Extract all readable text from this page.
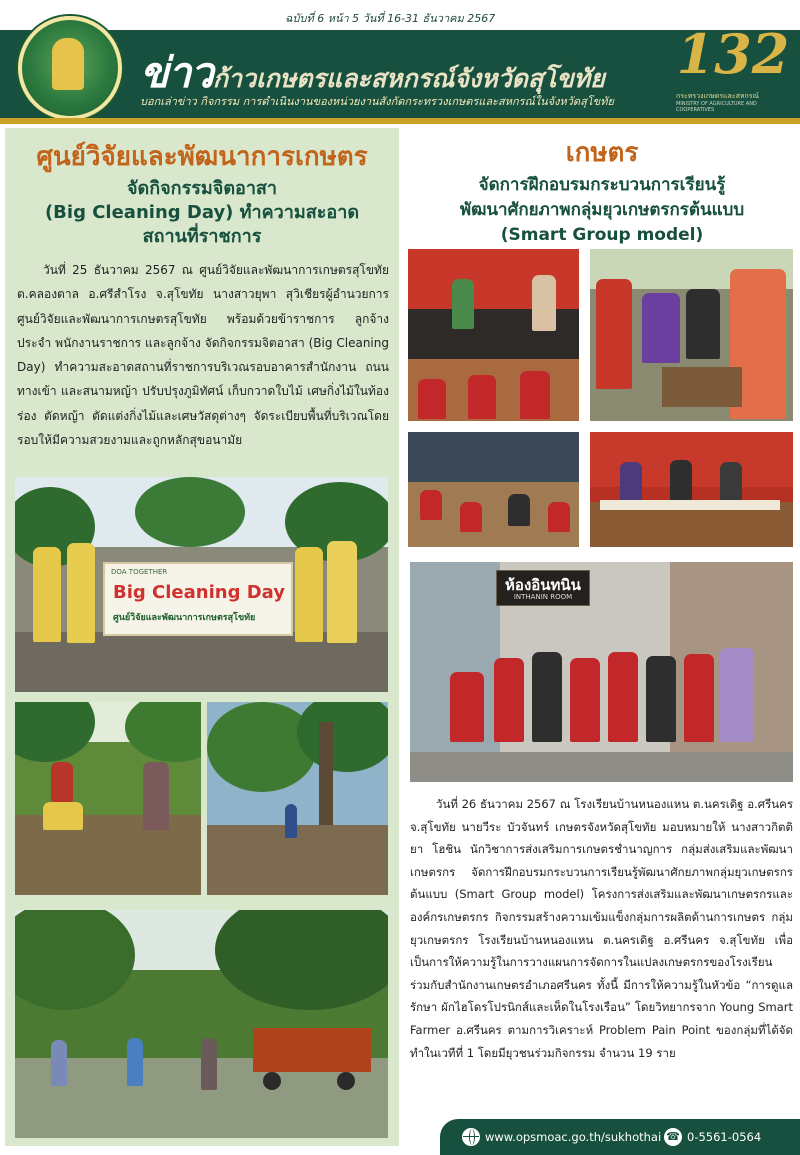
ฉบับที่ 6 หน้า 5 วันที่ 16-31 ธันวาคม 2567
ข่าวก้าวเกษตรและสหกรณ์จังหวัดสุโขทัย
บอกเล่าข่าว กิจกรรม การดำเนินงานของหน่วยงานสังกัดกระทรวงเกษตรและสหกรณ์ในจังหวัดสุโขทัย
132
กระทรวงเกษตรและสหกรณ์
MINISTRY OF AGRICULTURE AND COOPERATIVES
ศูนย์วิจัยและพัฒนาการเกษตร
จัดกิจกรรมจิตอาสา
(Big Cleaning Day) ทำความสะอาด
สถานที่ราชการ

วันที่ 25 ธันวาคม 2567 ณ ศูนย์วิจัยและพัฒนาการเกษตรสุโขทัย ต.คลองตาล อ.ศรีสำโรง จ.สุโขทัย นางสาวยุพา สุวิเชียรผู้อำนวยการศูนย์วิจัยและพัฒนาการเกษตรสุโขทัย พร้อมด้วยข้าราชการ ลูกจ้างประจำ พนักงานราชการ และลูกจ้าง จัดกิจกรรมจิตอาสา (Big Cleaning Day) ทำความสะอาดสถานที่ราชการบริเวณรอบอาคารสำนักงาน ถนนทางเข้า และสนามหญ้า ปรับปรุงภูมิทัศน์ เก็บกวาดใบไม้ เศษกิ่งไม้ในท้องร่อง ตัดหญ้า ตัดแต่งกิ่งไม้และเศษวัสดุต่างๆ จัดระเบียบพื้นที่บริเวณโดยรอบให้มีความสวยงามและถูกหลักสุขอนามัย

DOA TOGETHER
Big Cleaning Day
ศูนย์วิจัยและพัฒนาการเกษตรสุโขทัย
เกษตร
จัดการฝึกอบรมกระบวนการเรียนรู้
พัฒนาศักยภาพกลุ่มยุวเกษตรกรต้นแบบ
(Smart Group model)
ห้องอินทนิน
INTHANIN ROOM

วันที่ 26 ธันวาคม 2567 ณ โรงเรียนบ้านหนองแหน ต.นครเดิฐ อ.ศรีนคร จ.สุโขทัย นายวีระ บัวจันทร์ เกษตรจังหวัดสุโขทัย มอบหมายให้ นางสาวกิตติยา โฮชิน นักวิชาการส่งเสริมการเกษตรชำนาญการ กลุ่มส่งเสริมและพัฒนาเกษตรกร จัดการฝึกอบรมกระบวนการเรียนรู้พัฒนาศักยภาพกลุ่มยุวเกษตรกรต้นแบบ (Smart Group model) โครงการส่งเสริมและพัฒนาเกษตรกรและองค์กรเกษตรกร กิจกรรมสร้างความเข้มแข็งกลุ่มการผลิตด้านการเกษตร กลุ่มยุวเกษตรกร โรงเรียนบ้านหนองแหน ต.นครเดิฐ อ.ศรีนคร จ.สุโขทัย เพื่อเป็นการให้ความรู้ในการวางแผนการจัดการในแปลงเกษตรกรของโรงเรียน ร่วมกับสำนักงานเกษตรอำเภอศรีนคร ทั้งนี้ มีการให้ความรู้ในหัวข้อ “การดูแลรักษา ผักไฮโดรโปรนิกส์และเห็ดในโรงเรือน” โดยวิทยากรจาก Young Smart Farmer อ.ศรีนคร ตามการวิเคราะห์ Problem Pain Point ของกลุ่มที่ได้จัดทำในเวทีที่ 1 โดยมียุวชนร่วมกิจกรรม จำนวน 19 ราย

www.opsmoac.go.th/sukhothai ☎ 0-5561-0564
